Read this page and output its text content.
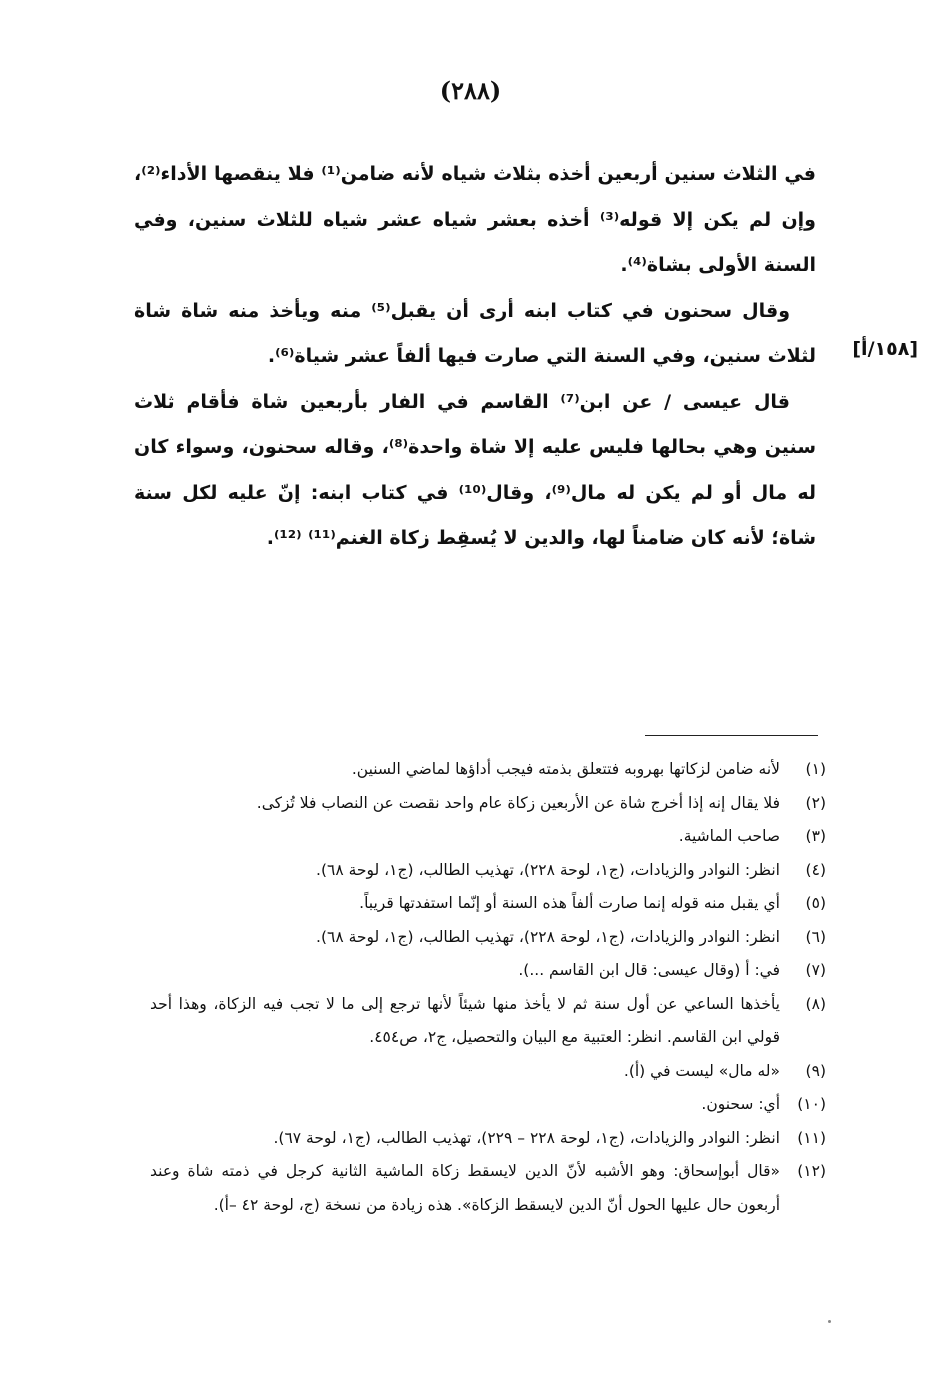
(٢٨٨)

في الثلاث سنين أربعين أخذه بثلاث شياه لأنه ضامن⁽¹⁾ فلا ينقصها الأداء⁽²⁾، وإن لم يكن إلا قوله⁽³⁾ أخذه بعشر شياه عشر شياه للثلاث سنين، وفي السنة الأولى بشاة⁽⁴⁾.

وقال سحنون في كتاب ابنه أرى أن يقبل⁽⁵⁾ منه ويأخذ منه شاة شاة لثلاث سنين، وفي السنة التي صارت فيها ألفاً عشر شياة⁽⁶⁾.

قال عيسى / عن ابن⁽⁷⁾ القاسم في الفار بأربعين شاة فأقام ثلاث سنين وهي بحالها فليس عليه إلا شاة واحدة⁽⁸⁾، وقاله سحنون، وسواء كان له مال أو لم يكن له مال⁽⁹⁾، وقال⁽¹⁰⁾ في كتاب ابنه: إنّ عليه لكل سنة شاة؛ لأنه كان ضامناً لها، والدين لا يُسقِط زكاة الغنم⁽¹¹⁾ ⁽¹²⁾.

[١٥٨/أ]
(١)
لأنه ضامن لزكاتها بهروبه فتتعلق بذمته فيجب أداؤها لماضي السنين.
(٢)
فلا يقال إنه إذا أخرج شاة عن الأربعين زكاة عام واحد نقصت عن النصاب فلا تُزكى.
(٣)
صاحب الماشية.
(٤)
انظر: النوادر والزيادات، (ج١، لوحة ٢٢٨)، تهذيب الطالب، (ج١، لوحة ٦٨).
(٥)
أي يقبل منه قوله إنما صارت ألفاً هذه السنة أو إنّما استفدتها قريباً.
(٦)
انظر: النوادر والزيادات، (ج١، لوحة ٢٢٨)، تهذيب الطالب، (ج١، لوحة ٦٨).
(٧)
في: أ (وقال عيسى: قال ابن القاسم ...).
(٨)
يأخذها الساعي عن أول سنة ثم لا يأخذ منها شيئاً لأنها ترجع إلى ما لا تجب فيه الزكاة، وهذا أحد قولي ابن القاسم. انظر: العتبية مع البيان والتحصيل، ج٢، ص٤٥٤.
(٩)
«له مال» ليست في (أ).
(١٠)
أي: سحنون.
(١١)
انظر: النوادر والزيادات، (ج١، لوحة ٢٢٨ – ٢٢٩)، تهذيب الطالب، (ج١، لوحة ٦٧).
(١٢)
«قال أبوإسحاق: وهو الأشبه لأنّ الدين لايسقط زكاة الماشية الثانية كرجل في ذمته شاة وعند أربعون حال عليها الحول أنّ الدين لايسقط الزكاة». هذه زيادة من نسخة (ج، لوحة ٤٢ –أ).
